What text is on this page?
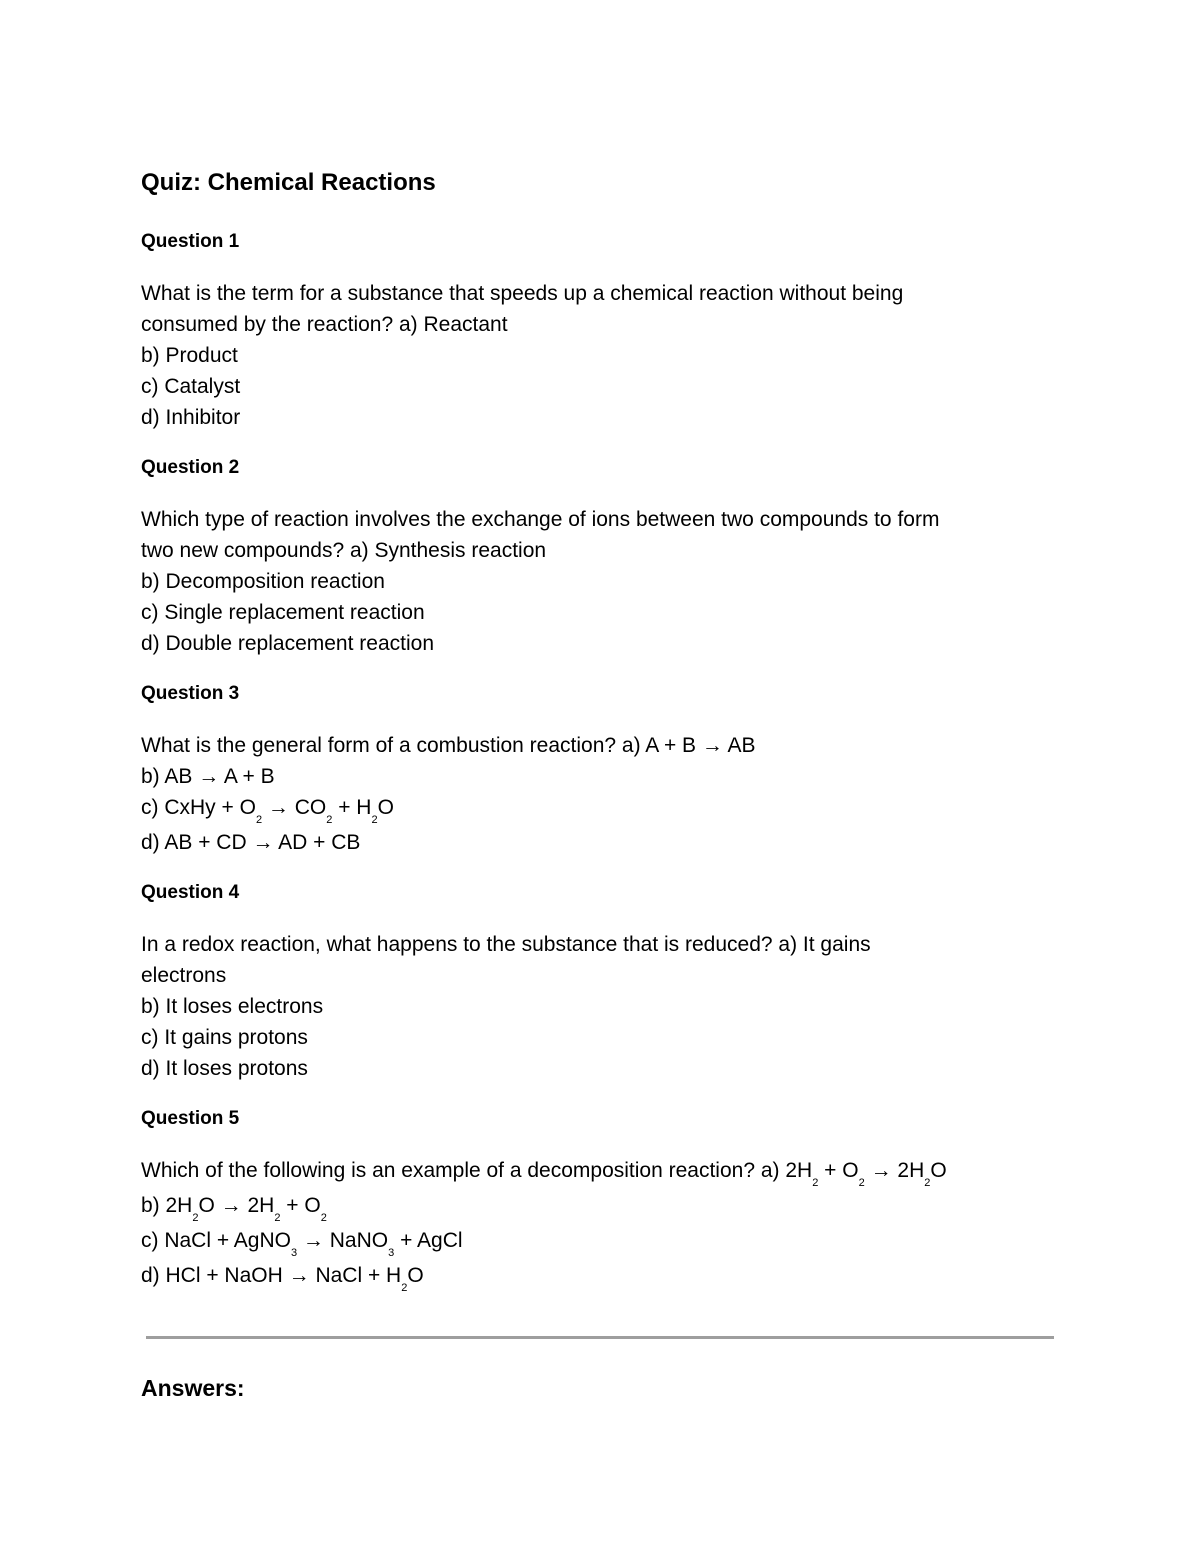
Quiz: Chemical Reactions
Question 1
What is the term for a substance that speeds up a chemical reaction without being
consumed by the reaction? a) Reactant
b) Product
c) Catalyst
d) Inhibitor
Question 2
Which type of reaction involves the exchange of ions between two compounds to form
two new compounds? a) Synthesis reaction
b) Decomposition reaction
c) Single replacement reaction
d) Double replacement reaction
Question 3
What is the general form of a combustion reaction? a) A + B → AB
b) AB → A + B
c) CxHy + $O_2 \to CO_2 + H_2O$
d) AB + CD → AD + CB
Question 4
In a redox reaction, what happens to the substance that is reduced? a) It gains
electrons
b) It loses electrons
c) It gains protons
d) It loses protons
Question 5
Which of the following is an example of a decomposition reaction? a) $2H_2 + O_2 \to 2H_2O$
b) $2H_2O \to 2H_2 + O_2$
c) NaCl + AgNO$_3$ → NaNO$_3$ + AgCl
d) HCl + NaOH → NaCl + $H_2O$
Answers:
